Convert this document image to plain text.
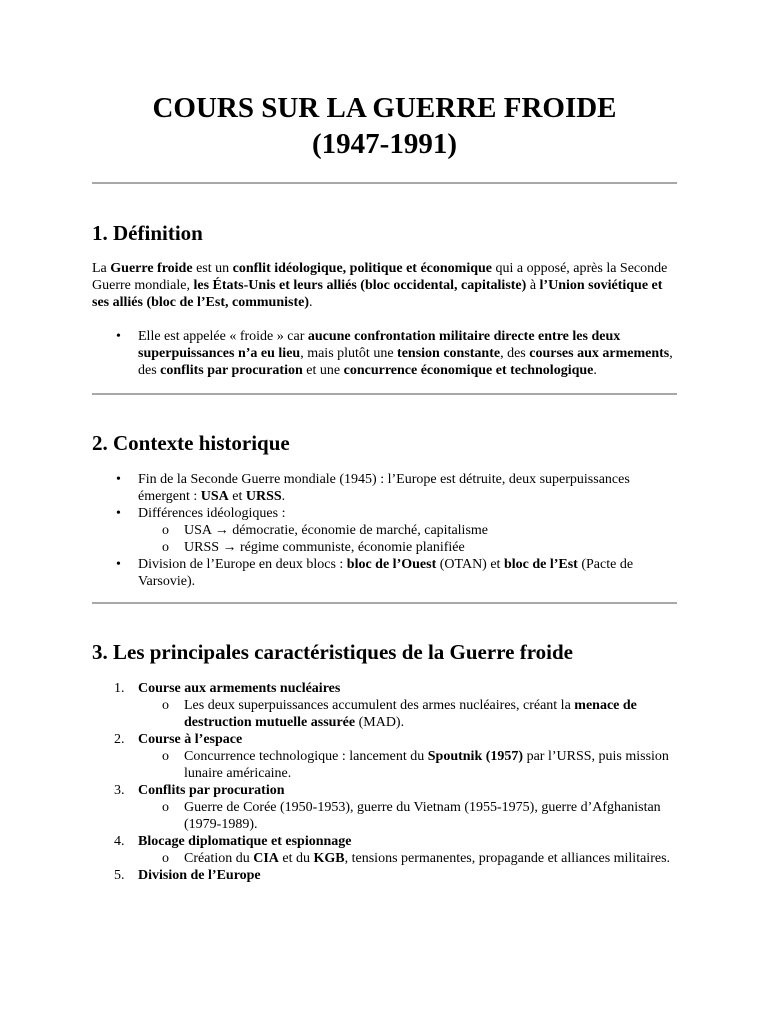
COURS SUR LA GUERRE FROIDE
(1947-1991)
1. Définition

La Guerre froide est un conflit idéologique, politique et économique qui a opposé, après la Seconde Guerre mondiale, les États-Unis et leurs alliés (bloc occidental, capitaliste) à l’Union soviétique et ses alliés (bloc de l’Est, communiste).

• Elle est appelée « froide » car aucune confrontation militaire directe entre les deux superpuissances n’a eu lieu, mais plutôt une tension constante, des courses aux armements, des conflits par procuration et une concurrence économique et technologique.
2. Contexte historique
• Fin de la Seconde Guerre mondiale (1945) : l’Europe est détruite, deux superpuissances émergent : USA et URSS.
• Différences idéologiques :
o USA → démocratie, économie de marché, capitalisme
o URSS → régime communiste, économie planifiée
• Division de l’Europe en deux blocs : bloc de l’Ouest (OTAN) et bloc de l’Est (Pacte de Varsovie).
3. Les principales caractéristiques de la Guerre froide
1. Course aux armements nucléaires
o Les deux superpuissances accumulent des armes nucléaires, créant la menace de destruction mutuelle assurée (MAD).
2. Course à l’espace
o Concurrence technologique : lancement du Spoutnik (1957) par l’URSS, puis mission lunaire américaine.
3. Conflits par procuration
o Guerre de Corée (1950-1953), guerre du Vietnam (1955-1975), guerre d’Afghanistan (1979-1989).
4. Blocage diplomatique et espionnage
o Création du CIA et du KGB, tensions permanentes, propagande et alliances militaires.
5. Division de l’Europe
